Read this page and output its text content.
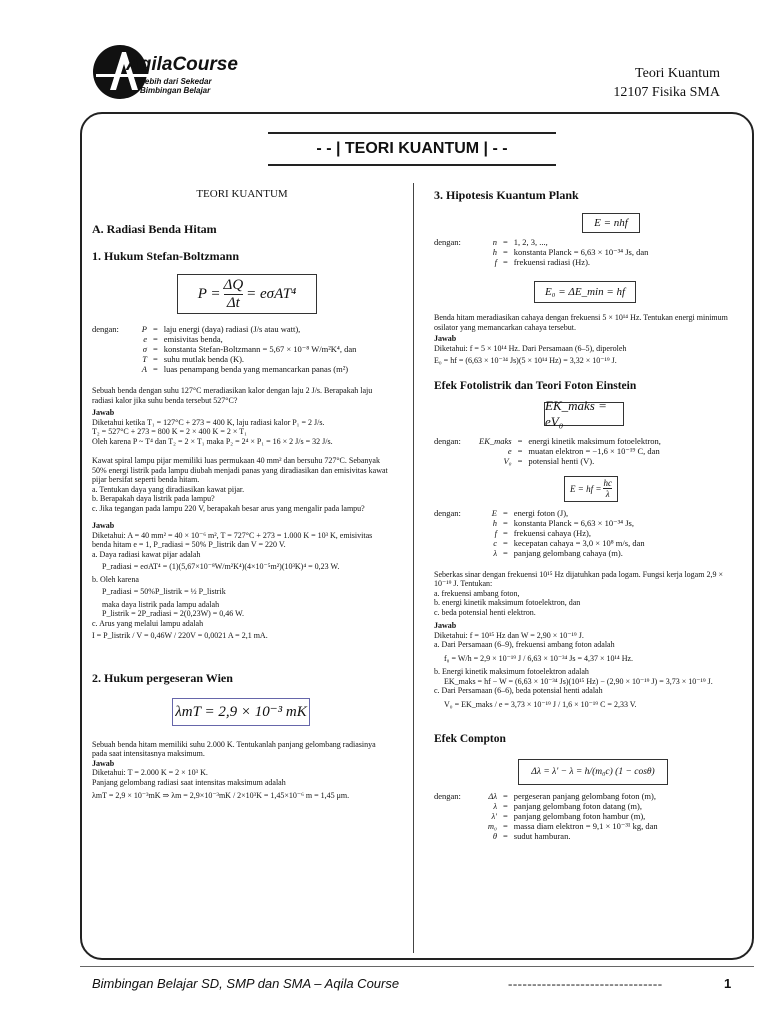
AqilaCourse
Lebih dari Sekedar
Bimbingan Belajar
Teori Kuantum
12107 Fisika SMA
- - | TEORI KUANTUM | - -
TEORI KUANTUM
A. Radiasi Benda Hitam
1. Hukum Stefan-Boltzmann
$P = \frac{\Delta Q}{\Delta t} = e\sigma AT^4$
dengan:	P	=	laju energi (daya) radiasi (J/s atau watt),
e	=	emisivitas benda,
σ	=	konstanta Stefan-Boltzmann = 5,67 × 10⁻⁸ W/m²K⁴, dan
T	=	suhu mutlak benda (K).
A	=	luas penampang benda yang memancarkan panas (m²)
Sebuah benda dengan suhu 127°C meradiasikan kalor dengan laju 2 J/s. Berapakah laju radiasi kalor jika suhu benda tersebut 527°C?
Jawab
Diketahui ketika T₁ = 127°C + 273 = 400 K, laju radiasi kalor P₁ = 2 J/s.
T₂ = 527°C + 273 = 800 K = 2 × 400 K = 2 × T₁
Oleh karena P ~ T⁴ dan T₂ = 2 × T₁ maka P₂ = 2⁴ × P₁ = 16 × 2 J/s = 32 J/s.
Kawat spiral lampu pijar memiliki luas permukaan 40 mm² dan bersuhu 727°C. Sebanyak 50% energi listrik pada lampu diubah menjadi panas yang diradiasikan dan emisivitas kawat pijar bersifat seperti benda hitam.
a. Tentukan daya yang diradiasikan kawat pijar.
b. Berapakah daya listrik pada lampu?
c. Jika tegangan pada lampu 220 V, berapakah besar arus yang mengalir pada lampu?
Jawab
Diketahui: A = 40 mm² = 40 × 10⁻⁶ m², T = 727°C + 273 = 1.000 K = 10³ K, emisivitas benda hitam e = 1, P_radiasi = 50% P_listrik dan V = 220 V.
a. Daya radiasi kawat pijar adalah
P_radiasi = eσAT⁴ = (1)(5,67×10⁻⁸W/m²K⁴)(4×10⁻⁵m²)(10³K)⁴ = 0,23 W.
b. Oleh karena
P_radiasi = 50%P_listrik = ½ P_listrik
maka daya listrik pada lampu adalah
P_listrik = 2P_radiasi = 2(0,23W) = 0,46 W.
c. Arus yang melalui lampu adalah
I = P_listrik / V = 0,46W / 220V = 0,0021 A = 2,1 mA.
2. Hukum pergeseran Wien
λmT = 2,9 × 10⁻³ mK
Sebuah benda hitam memiliki suhu 2.000 K. Tentukanlah panjang gelombang radiasinya pada saat intensitasnya maksimum.
Jawab
Diketahui: T = 2.000 K = 2 × 10³ K.
Panjang gelombang radiasi saat intensitas maksimum adalah
λmT = 2,9 × 10⁻³mK ⇒ λm = 2,9×10⁻³mK / 2×10³K = 1,45×10⁻⁶ m = 1,45 μm.
3. Hipotesis Kuantum Plank
E = nhf
dengan:	n	=	1, 2, 3, ...,
h	=	konstanta Planck = 6,63 × 10⁻³⁴ Js, dan
f	=	frekuensi radiasi (Hz).
E₀ = ΔE_min = hf
Benda hitam meradiasikan cahaya dengan frekuensi 5 × 10¹⁴ Hz. Tentukan energi minimum osilator yang memancarkan cahaya tersebut.
Jawab
Diketahui: f = 5 × 10¹⁴ Hz. Dari Persamaan (6–5), diperoleh
E₀ = hf = (6,63 × 10⁻³⁴ Js)(5 × 10¹⁴ Hz) = 3,32 × 10⁻¹⁹ J.
Efek Fotolistrik dan Teori Foton Einstein
EK_maks = eV₀
dengan:	EK_maks	=	energi kinetik maksimum fotoelektron,
e	=	muatan elektron = −1,6 × 10⁻¹⁹ C, dan
V₀	=	potensial henti (V).
E = hf = $\frac{hc}{\lambda}$
dengan:	E	=	energi foton (J),
h	=	konstanta Planck = 6,63 × 10⁻³⁴ Js,
f	=	frekuensi cahaya (Hz),
c	=	kecepatan cahaya = 3,0 × 10⁸ m/s, dan
λ	=	panjang gelombang cahaya (m).
Seberkas sinar dengan frekuensi 10¹⁵ Hz dijatuhkan pada logam. Fungsi kerja logam 2,9 × 10⁻¹⁹ J. Tentukan:
a. frekuensi ambang foton,
b. energi kinetik maksimum fotoelektron, dan
c. beda potensial henti elektron.
Jawab
Diketahui: f = 10¹⁵ Hz dan W = 2,90 × 10⁻¹⁹ J.
a. Dari Persamaan (6–9), frekuensi ambang foton adalah
f₀ = W/h = 2,9 × 10⁻¹⁹ J / 6,63 × 10⁻³⁴ Js = 4,37 × 10¹⁴ Hz.
b. Energi kinetik maksimum fotoelektron adalah
EK_maks = hf − W = (6,63 × 10⁻³⁴ Js)(10¹⁵ Hz) − (2,90 × 10⁻¹⁹ J) = 3,73 × 10⁻¹⁹ J.
c. Dari Persamaan (6–6), beda potensial henti adalah
V₀ = EK_maks / e = 3,73 × 10⁻¹⁹ J / 1,6 × 10⁻¹⁹ C = 2,33 V.
Efek Compton
Δλ = λ' − λ = h/(m₀c) (1 − cosθ)
dengan:	Δλ	=	pergeseran panjang gelombang foton (m),
λ	=	panjang gelombang foton datang (m),
λ'	=	panjang gelombang foton hambur (m),
m₀	=	massa diam elektron = 9,1 × 10⁻³¹ kg, dan
θ	=	sudut hamburan.
Bimbingan Belajar SD, SMP dan SMA – Aqila Course	--------------------------------	1
